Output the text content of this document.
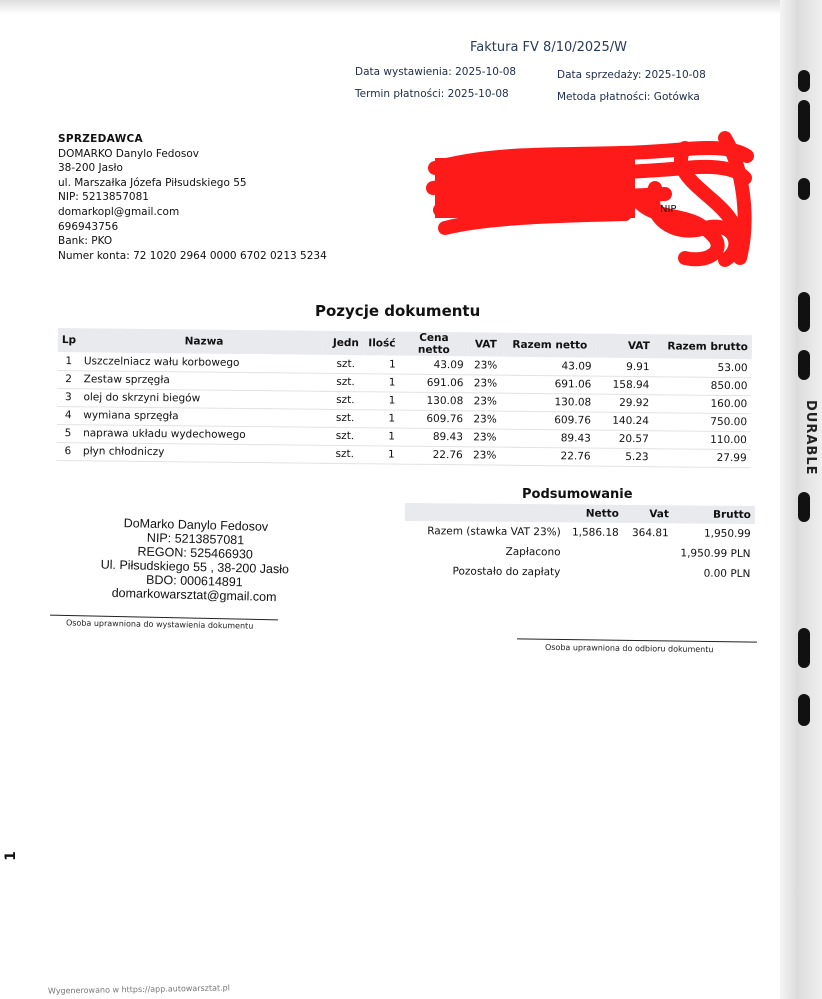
DURABLE
Faktura FV 8/10/2025/W
Data wystawienia: 2025-10-08	Data sprzedaży: 2025-10-08
Termin płatności: 2025-10-08	Metoda płatności: Gotówka
SPRZEDAWCA
DOMARKO Danylo Fedosov
38-200 Jasło
ul. Marszałka Józefa Piłsudskiego 55
NIP: 5213857081
domarkopl@gmail.com
696943756
Bank: PKO
Numer konta: 72 1020 2964 0000 6702 0213 5234
NIP
Pozycje dokumentu
Lp	Nazwa	Jedn	Ilość	Cena netto	VAT	Razem netto	VAT	Razem brutto
1	Uszczelniacz wału korbowego	szt.	1	43.09	23%	43.09	9.91	53.00
2	Zestaw sprzęgła	szt.	1	691.06	23%	691.06	158.94	850.00
3	olej do skrzyni biegów	szt.	1	130.08	23%	130.08	29.92	160.00
4	wymiana sprzęgła	szt.	1	609.76	23%	609.76	140.24	750.00
5	naprawa układu wydechowego	szt.	1	89.43	23%	89.43	20.57	110.00
6	płyn chłodniczy	szt.	1	22.76	23%	22.76	5.23	27.99
Podsumowanie
	Netto	Vat	Brutto
Razem (stawka VAT 23%)	1,586.18	364.81	1,950.99
Zapłacono			1,950.99 PLN
Pozostało do zapłaty			0.00 PLN
DoMarko Danylo Fedosov
NIP: 5213857081
REGON: 525466930
Ul. Piłsudskiego 55 , 38-200 Jasło
BDO: 000614891
domarkowarsztat@gmail.com
Osoba uprawniona do wystawienia dokumentu
Osoba uprawniona do odbioru dokumentu
1
Wygenerowano w https://app.autowarsztat.pl
